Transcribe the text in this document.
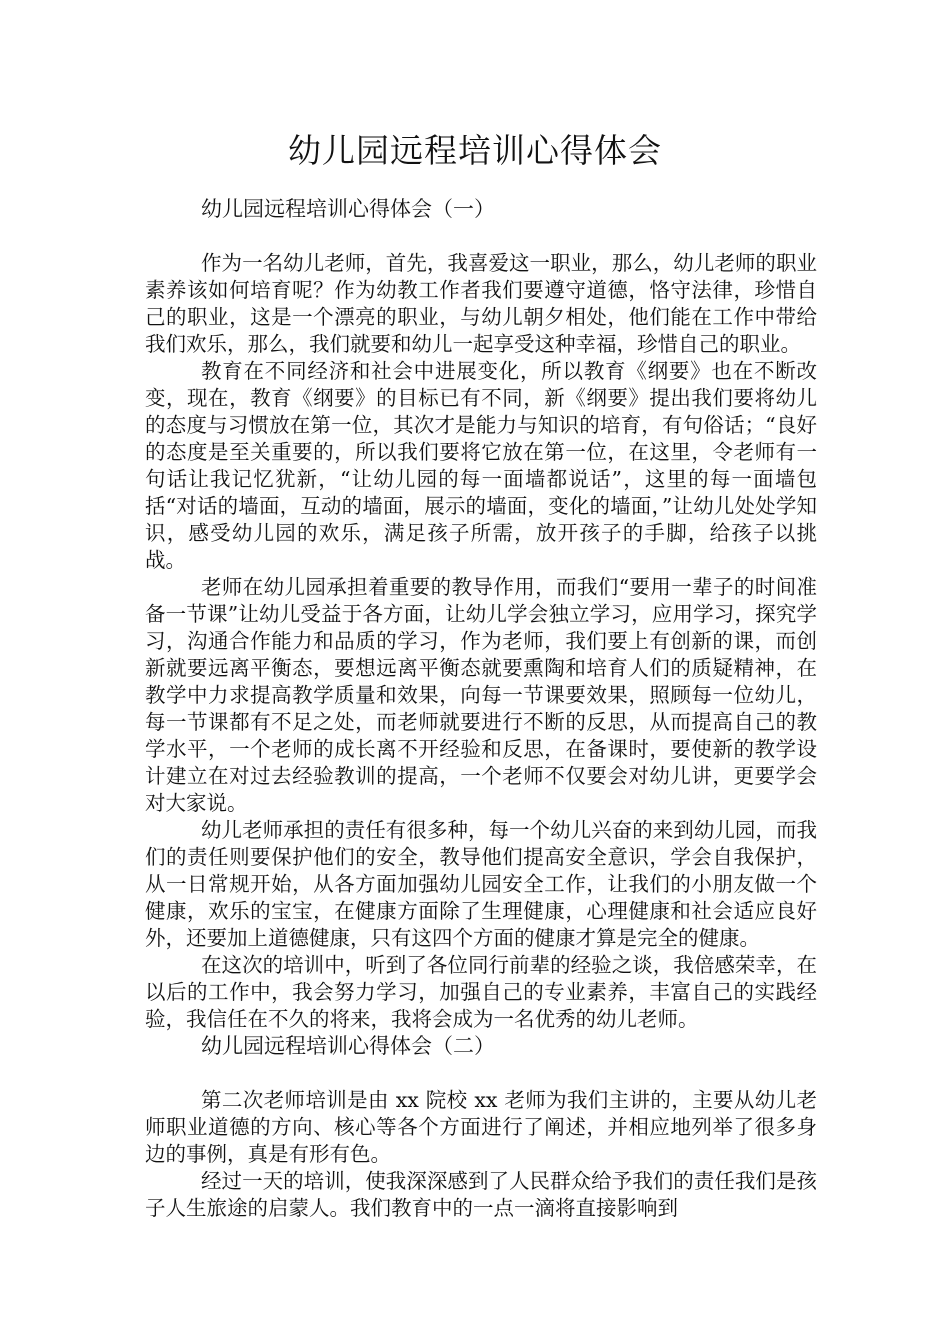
幼儿园远程培训心得体会
幼儿园远程培训心得体会（一）

作为一名幼儿老师，首先，我喜爱这一职业，那么，幼儿老师的职业素养该如何培育呢？作为幼教工作者我们要遵守道德，恪守法律，珍惜自己的职业，这是一个漂亮的职业，与幼儿朝夕相处，他们能在工作中带给我们欢乐，那么，我们就要和幼儿一起享受这种幸福，珍惜自己的职业。

教育在不同经济和社会中进展变化，所以教育《纲要》也在不断改变，现在，教育《纲要》的目标已有不同，新《纲要》提出我们要将幼儿的态度与习惯放在第一位，其次才是能力与知识的培育，有句俗话；“良好的态度是至关重要的，所以我们要将它放在第一位，在这里，令老师有一句话让我记忆犹新，“让幼儿园的每一面墙都说话”，这里的每一面墙包括“对话的墙面，互动的墙面，展示的墙面，变化的墙面，”让幼儿处处学知识，感受幼儿园的欢乐，满足孩子所需，放开孩子的手脚，给孩子以挑战。

老师在幼儿园承担着重要的教导作用，而我们“要用一辈子的时间准备一节课”让幼儿受益于各方面，让幼儿学会独立学习，应用学习，探究学习，沟通合作能力和品质的学习，作为老师，我们要上有创新的课，而创新就要远离平衡态，要想远离平衡态就要熏陶和培育人们的质疑精神，在教学中力求提高教学质量和效果，向每一节课要效果，照顾每一位幼儿，每一节课都有不足之处，而老师就要进行不断的反思，从而提高自己的教学水平，一个老师的成长离不开经验和反思，在备课时，要使新的教学设计建立在对过去经验教训的提高，一个老师不仅要会对幼儿讲，更要学会对大家说。

幼儿老师承担的责任有很多种，每一个幼儿兴奋的来到幼儿园，而我们的责任则要保护他们的安全，教导他们提高安全意识，学会自我保护，从一日常规开始，从各方面加强幼儿园安全工作，让我们的小朋友做一个健康，欢乐的宝宝，在健康方面除了生理健康，心理健康和社会适应良好外，还要加上道德健康，只有这四个方面的健康才算是完全的健康。

在这次的培训中，听到了各位同行前辈的经验之谈，我倍感荣幸，在以后的工作中，我会努力学习，加强自己的专业素养，丰富自己的实践经验，我信任在不久的将来，我将会成为一名优秀的幼儿老师。

幼儿园远程培训心得体会（二）

第二次老师培训是由 xx 院校 xx 老师为我们主讲的，主要从幼儿老师职业道德的方向、核心等各个方面进行了阐述，并相应地列举了很多身边的事例，真是有形有色。

经过一天的培训，使我深深感到了人民群众给予我们的责任我们是孩子人生旅途的启蒙人。我们教育中的一点一滴将直接影响到
